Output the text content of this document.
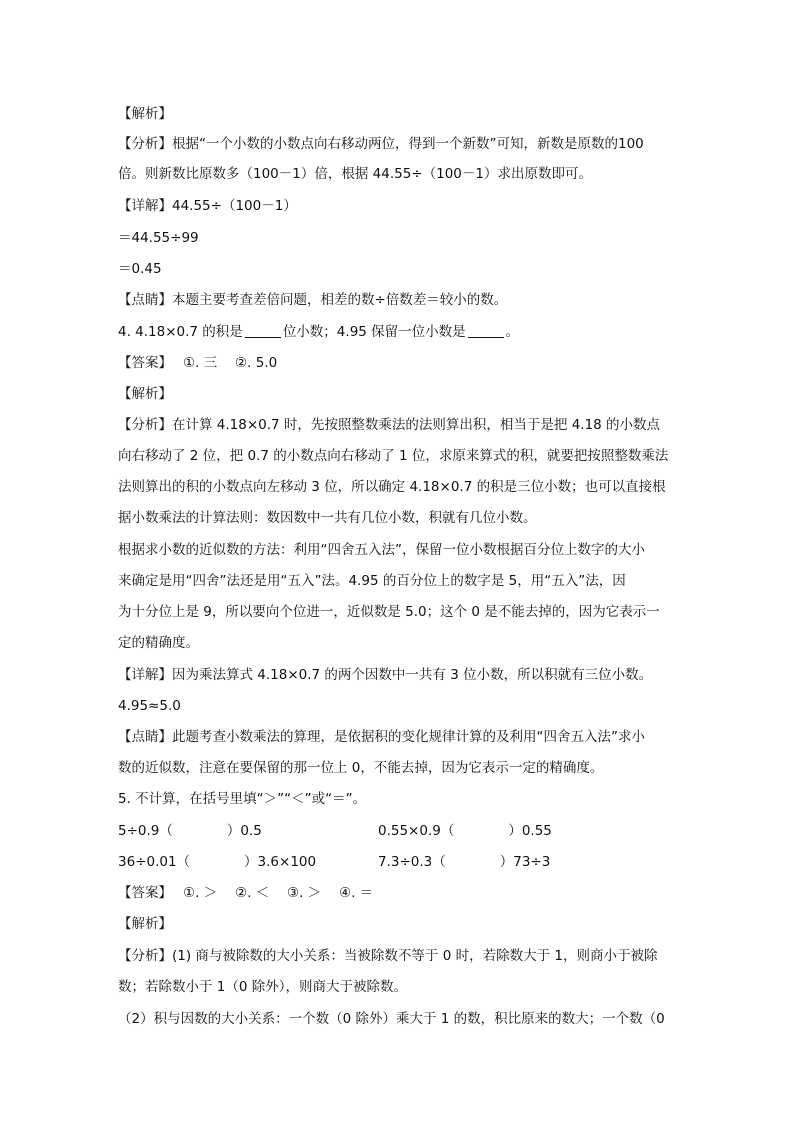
【解析】
【分析】根据“一个小数的小数点向右移动两位，得到一个新数”可知，新数是原数的100
倍。则新数比原数多（100－1）倍，根据 44.55÷（100－1）求出原数即可。
【详解】44.55÷（100－1）
＝44.55÷99
＝0.45
【点睛】本题主要考查差倍问题，相差的数÷倍数差＝较小的数。
4. 4.18×0.7 的积是	位小数；4.95 保留一位小数是	。
【答案】　 ①. 三　 ②. 5.0
【解析】
【分析】在计算 4.18×0.7 时，先按照整数乘法的法则算出积，相当于是把 4.18 的小数点
向右移动了 2 位，把 0.7 的小数点向右移动了 1 位，求原来算式的积，就要把按照整数乘法
法则算出的积的小数点向左移动 3 位，所以确定 4.18×0.7 的积是三位小数；也可以直接根
据小数乘法的计算法则：数因数中一共有几位小数，积就有几位小数。
根据求小数的近似数的方法：利用“四舍五入法”，保留一位小数根据百分位上数字的大小
来确定是用“四舍”法还是用“五入”法。4.95 的百分位上的数字是 5，用“五入”法，因
为十分位上是 9，所以要向个位进一，近似数是 5.0；这个 0 是不能去掉的，因为它表示一
定的精确度。
【详解】因为乘法算式 4.18×0.7 的两个因数中一共有 3 位小数，所以积就有三位小数。
4.95≈5.0
【点睛】此题考查小数乘法的算理，是依据积的变化规律计算的及利用“四舍五入法”求小
数的近似数，注意在要保留的那一位上 0，不能去掉，因为它表示一定的精确度。
5. 不计算，在括号里填“＞”“＜”或“＝”。
5÷0.9（　　　　）0.5	0.55×0.9（　　　　）0.55
36÷0.01（　　　　）3.6×100	7.3÷0.3（　　　　）73÷3
【答案】　 ①. ＞　 ②. ＜　 ③. ＞　 ④. ＝
【解析】
【分析】(1) 商与被除数的大小关系：当被除数不等于 0 时，若除数大于 1，则商小于被除
数；若除数小于 1（0 除外），则商大于被除数。
（2）积与因数的大小关系：一个数（0 除外）乘大于 1 的数，积比原来的数大；一个数（0
